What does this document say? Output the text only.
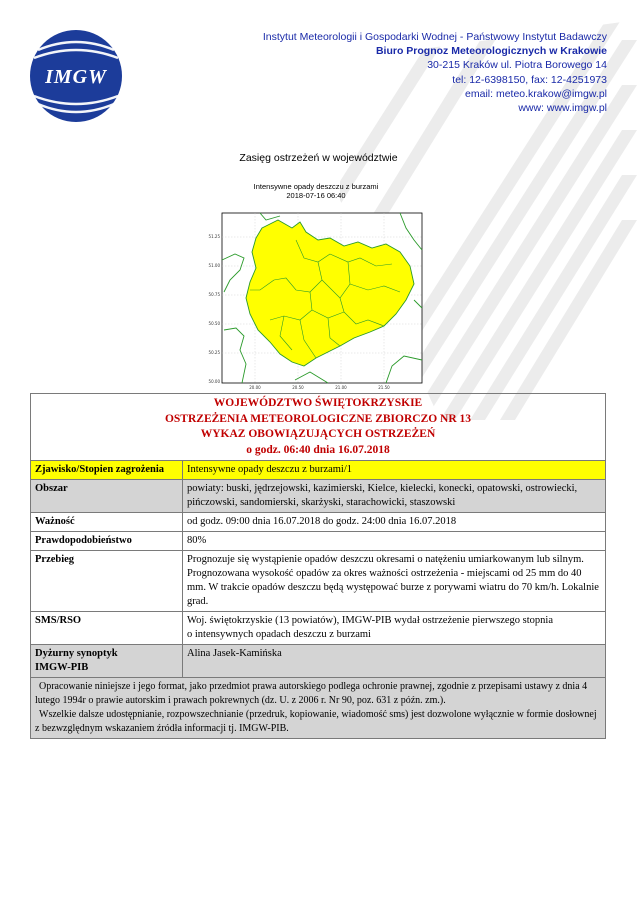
IMGW
Instytut Meteorologii i Gospodarki Wodnej - Państwowy Instytut Badawczy
Biuro Prognoz Meteorologicznych w Krakowie
30-215 Kraków ul. Piotra Borowego 14
tel: 12-6398150, fax: 12-4251973
email: meteo.krakow@imgw.pl
www: www.imgw.pl
Zasięg ostrzeżeń w województwie
Intensywne opady deszczu z burzami
2018-07-16 06:40
51.25
51.00
50.75
50.50
50.25
50.00
20.00	20.50	21.00	21.50
WOJEWÓDZTWO ŚWIĘTOKRZYSKIE
OSTRZEŻENIA METEOROLOGICZNE ZBIORCZO NR 13
WYKAZ OBOWIĄZUJĄCYCH OSTRZEŻEŃ
o godz. 06:40 dnia 16.07.2018	

Zjawisko/Stopien zagrożenia	Intensywne opady deszczu z burzami/1
Obszar	powiaty: buski, jędrzejowski, kazimierski, Kielce, kielecki, konecki, opatowski, ostrowiecki, pińczowski, sandomierski, skarżyski, starachowicki, staszowski
Ważność	od godz. 09:00 dnia 16.07.2018 do godz. 24:00 dnia 16.07.2018
Prawdopodobieństwo	80%
Przebieg	Prognozuje się wystąpienie opadów deszczu okresami o natężeniu umiarkowanym lub silnym. Prognozowana wysokość opadów za okres ważności ostrzeżenia - miejscami od 25 mm do 40 mm. W trakcie opadów deszczu będą występować burze z porywami wiatru do 70 km/h. Lokalnie grad.
SMS/RSO	Woj. świętokrzyskie (13 powiatów), IMGW-PIB wydał ostrzeżenie pierwszego stopnia
o intensywnych opadach deszczu z burzami

Dyżurny synoptyk
IMGW-PIB	Alina Jasek-Kamińska

Opracowanie niniejsze i jego format, jako przedmiot prawa autorskiego podlega ochronie prawnej, zgodnie z przepisami ustawy z dnia 4 lutego 1994r o prawie autorskim i prawach pokrewnych (dz. U. z 2006 r. Nr 90, poz. 631 z późn. zm.).
Wszelkie dalsze udostępnianie, rozpowszechnianie (przedruk, kopiowanie, wiadomość sms) jest dozwolone wyłącznie w formie dosłownej z bezwzględnym wskazaniem źródła informacji tj. IMGW-PIB.	
